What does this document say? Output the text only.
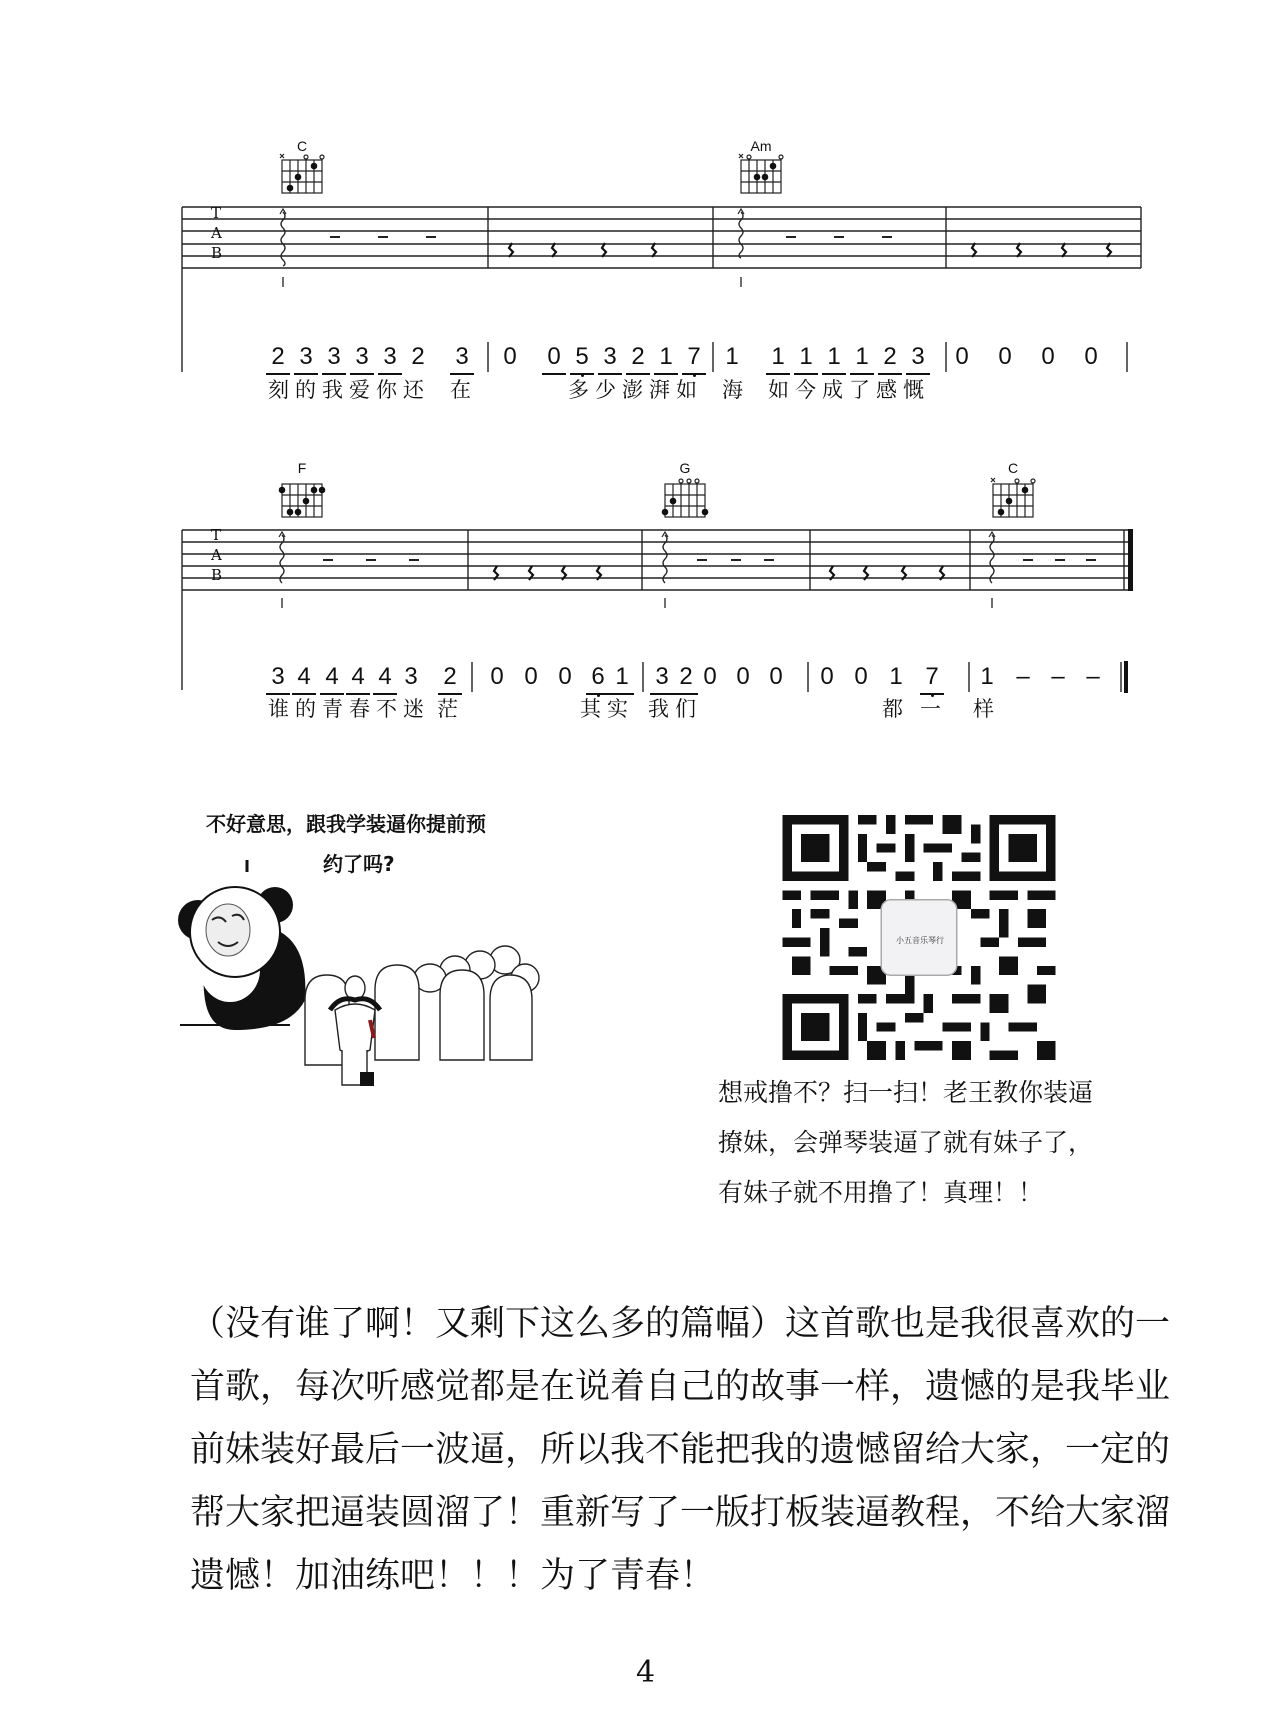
T
A
B
C	Am
2 3 3 3 3 2 3 0 0 5 3 2 1 7 1 1 1 1 1 2 3 0 0 0 0
刻的我爱你还 在	多少澎湃如 海 如今成了感慨
T
A
B
F	G	C
3 4 4 4 4 3 2 0 0 0 6 1 3 2 0 0 0 0 0 1 7 1 – – –
谁的青春不迷 茫	其实 我们	都 一 样
不好意思，跟我学装逼你提前预
约了吗?
小五音乐琴行
想戒撸不？扫一扫！老王教你装逼
撩妹，会弹琴装逼了就有妹子了，
有妹子就不用撸了！真理！！
（没有谁了啊！又剩下这么多的篇幅）这首歌也是我很喜欢的一
首歌，每次听感觉都是在说着自己的故事一样，遗憾的是我毕业
前妹装好最后一波逼，所以我不能把我的遗憾留给大家，一定的
帮大家把逼装圆溜了！重新写了一版打板装逼教程，不给大家溜
遗憾！加油练吧！！！为了青春！
4
